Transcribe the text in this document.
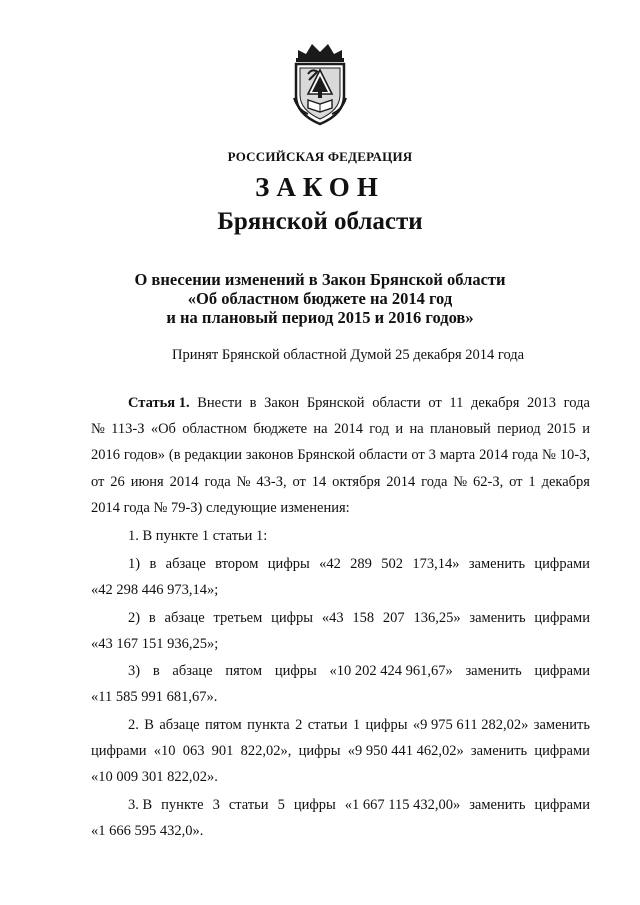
РОССИЙСКАЯ ФЕДЕРАЦИЯ
ЗАКОН
Брянской области
О внесении изменений в Закон Брянской области
«Об областном бюджете на 2014 год
и на плановый период 2015 и 2016 годов»
Принят Брянской областной Думой 25 декабря 2014 года
Статья 1. Внести в Закон Брянской области от 11 декабря 2013 года
№ 113-З «Об областном бюджете на 2014 год и на плановый период 2015 и
2016 годов» (в редакции законов Брянской области от 3 марта 2014 года № 10-З,
от 26 июня 2014 года № 43-З, от 14 октября 2014 года № 62-З, от 1 декабря
2014 года № 79-З) следующие изменения:
1. В пункте 1 статьи 1:
1) в абзаце втором цифры «42 289 502 173,14» заменить цифрами
«42 298 446 973,14»;
2) в абзаце третьем цифры «43 158 207 136,25» заменить цифрами
«43 167 151 936,25»;
3) в абзаце пятом цифры «10 202 424 961,67» заменить цифрами
«11 585 991 681,67».
2. В абзаце пятом пункта 2 статьи 1 цифры «9 975 611 282,02» заменить
цифрами «10 063 901 822,02», цифры «9 950 441 462,02» заменить цифрами
«10 009 301 822,02».
3. В пункте 3 статьи 5 цифры «1 667 115 432,00» заменить цифрами
«1 666 595 432,0».
